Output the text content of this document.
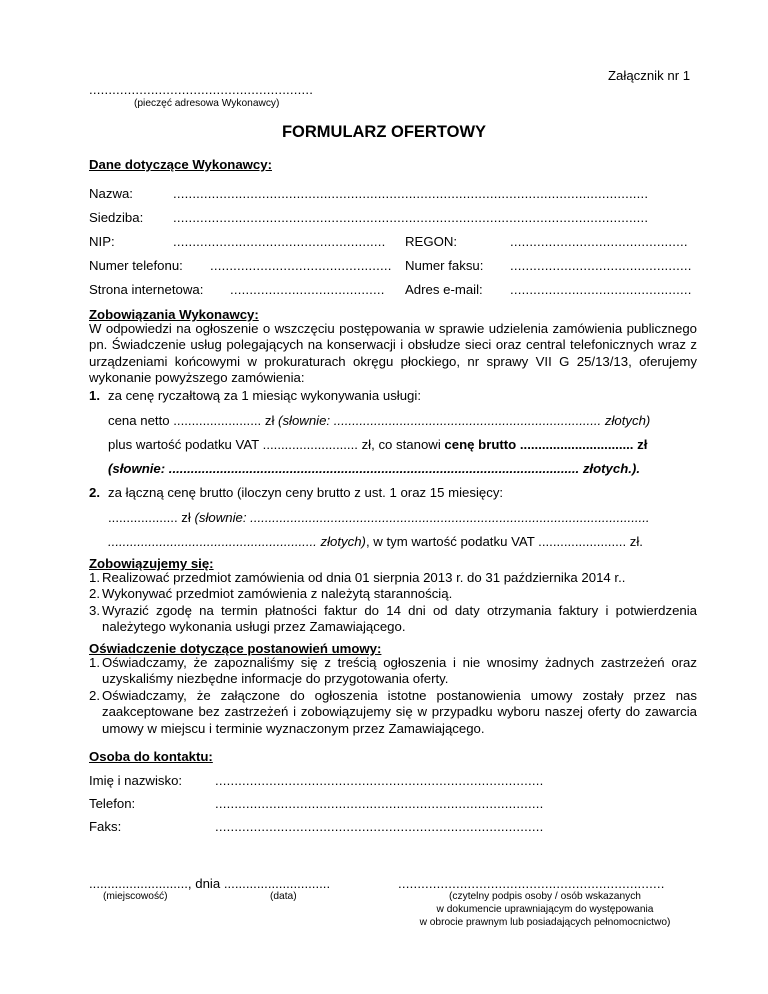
Załącznik nr 1
..........................................................
(pieczęć adresowa Wykonawcy)
FORMULARZ OFERTOWY
Dane dotyczące Wykonawcy:
Nazwa:	...........................................................................................................................
Siedziba: ...........................................................................................................................
NIP:	....................................................... REGON:	..............................................
Numer telefonu: ............................................... Numer faksu: ...............................................
Strona internetowa: ........................................ Adres e-mail: ...............................................
Zobowiązania Wykonawcy:
W odpowiedzi na ogłoszenie o wszczęciu postępowania w sprawie udzielenia zamówienia publicznego pn. Świadczenie usług polegających na konserwacji i obsłudze sieci oraz central telefonicznych wraz z urządzeniami końcowymi w prokuraturach okręgu płockiego, nr sprawy VII G 25/13/13, oferujemy wykonanie powyższego zamówienia:
1. za cenę ryczałtową za 1 miesiąc wykonywania usługi:
cena netto ........................ zł (słownie: ......................................................................... złotych)
plus wartość podatku VAT .......................... zł, co stanowi cenę brutto ............................... zł
(słownie: ................................................................................................................ złotych.).
2. za łączną cenę brutto (iloczyn ceny brutto z ust. 1 oraz 15 miesięcy:
................... zł (słownie: .............................................................................................................
......................................................... złotych), w tym wartość podatku VAT ........................ zł.
Zobowiązujemy się:
1. Realizować przedmiot zamówienia od dnia 01 sierpnia 2013 r. do 31 października 2014 r..
2. Wykonywać przedmiot zamówienia z należytą starannością.
3. Wyrazić zgodę na termin płatności faktur do 14 dni od daty otrzymania faktury i potwierdzenia należytego wykonania usługi przez Zamawiającego.
Oświadczenie dotyczące postanowień umowy:
1. Oświadczamy, że zapoznaliśmy się z treścią ogłoszenia i nie wnosimy żadnych zastrzeżeń oraz uzyskaliśmy niezbędne informacje do przygotowania oferty.
2. Oświadczamy, że załączone do ogłoszenia istotne postanowienia umowy zostały przez nas zaakceptowane bez zastrzeżeń i zobowiązujemy się w przypadku wyboru naszej oferty do zawarcia umowy w miejscu i terminie wyznaczonym przez Zamawiającego.
Osoba do kontaktu:
Imię i nazwisko: .....................................................................................
Telefon:	.....................................................................................
Faks:	.....................................................................................
..........................., dnia .............................
(miejscowość)	(data)
.....................................................................
(czytelny podpis osoby / osób wskazanych
w dokumencie uprawniającym do występowania
w obrocie prawnym lub posiadających pełnomocnictwo)
